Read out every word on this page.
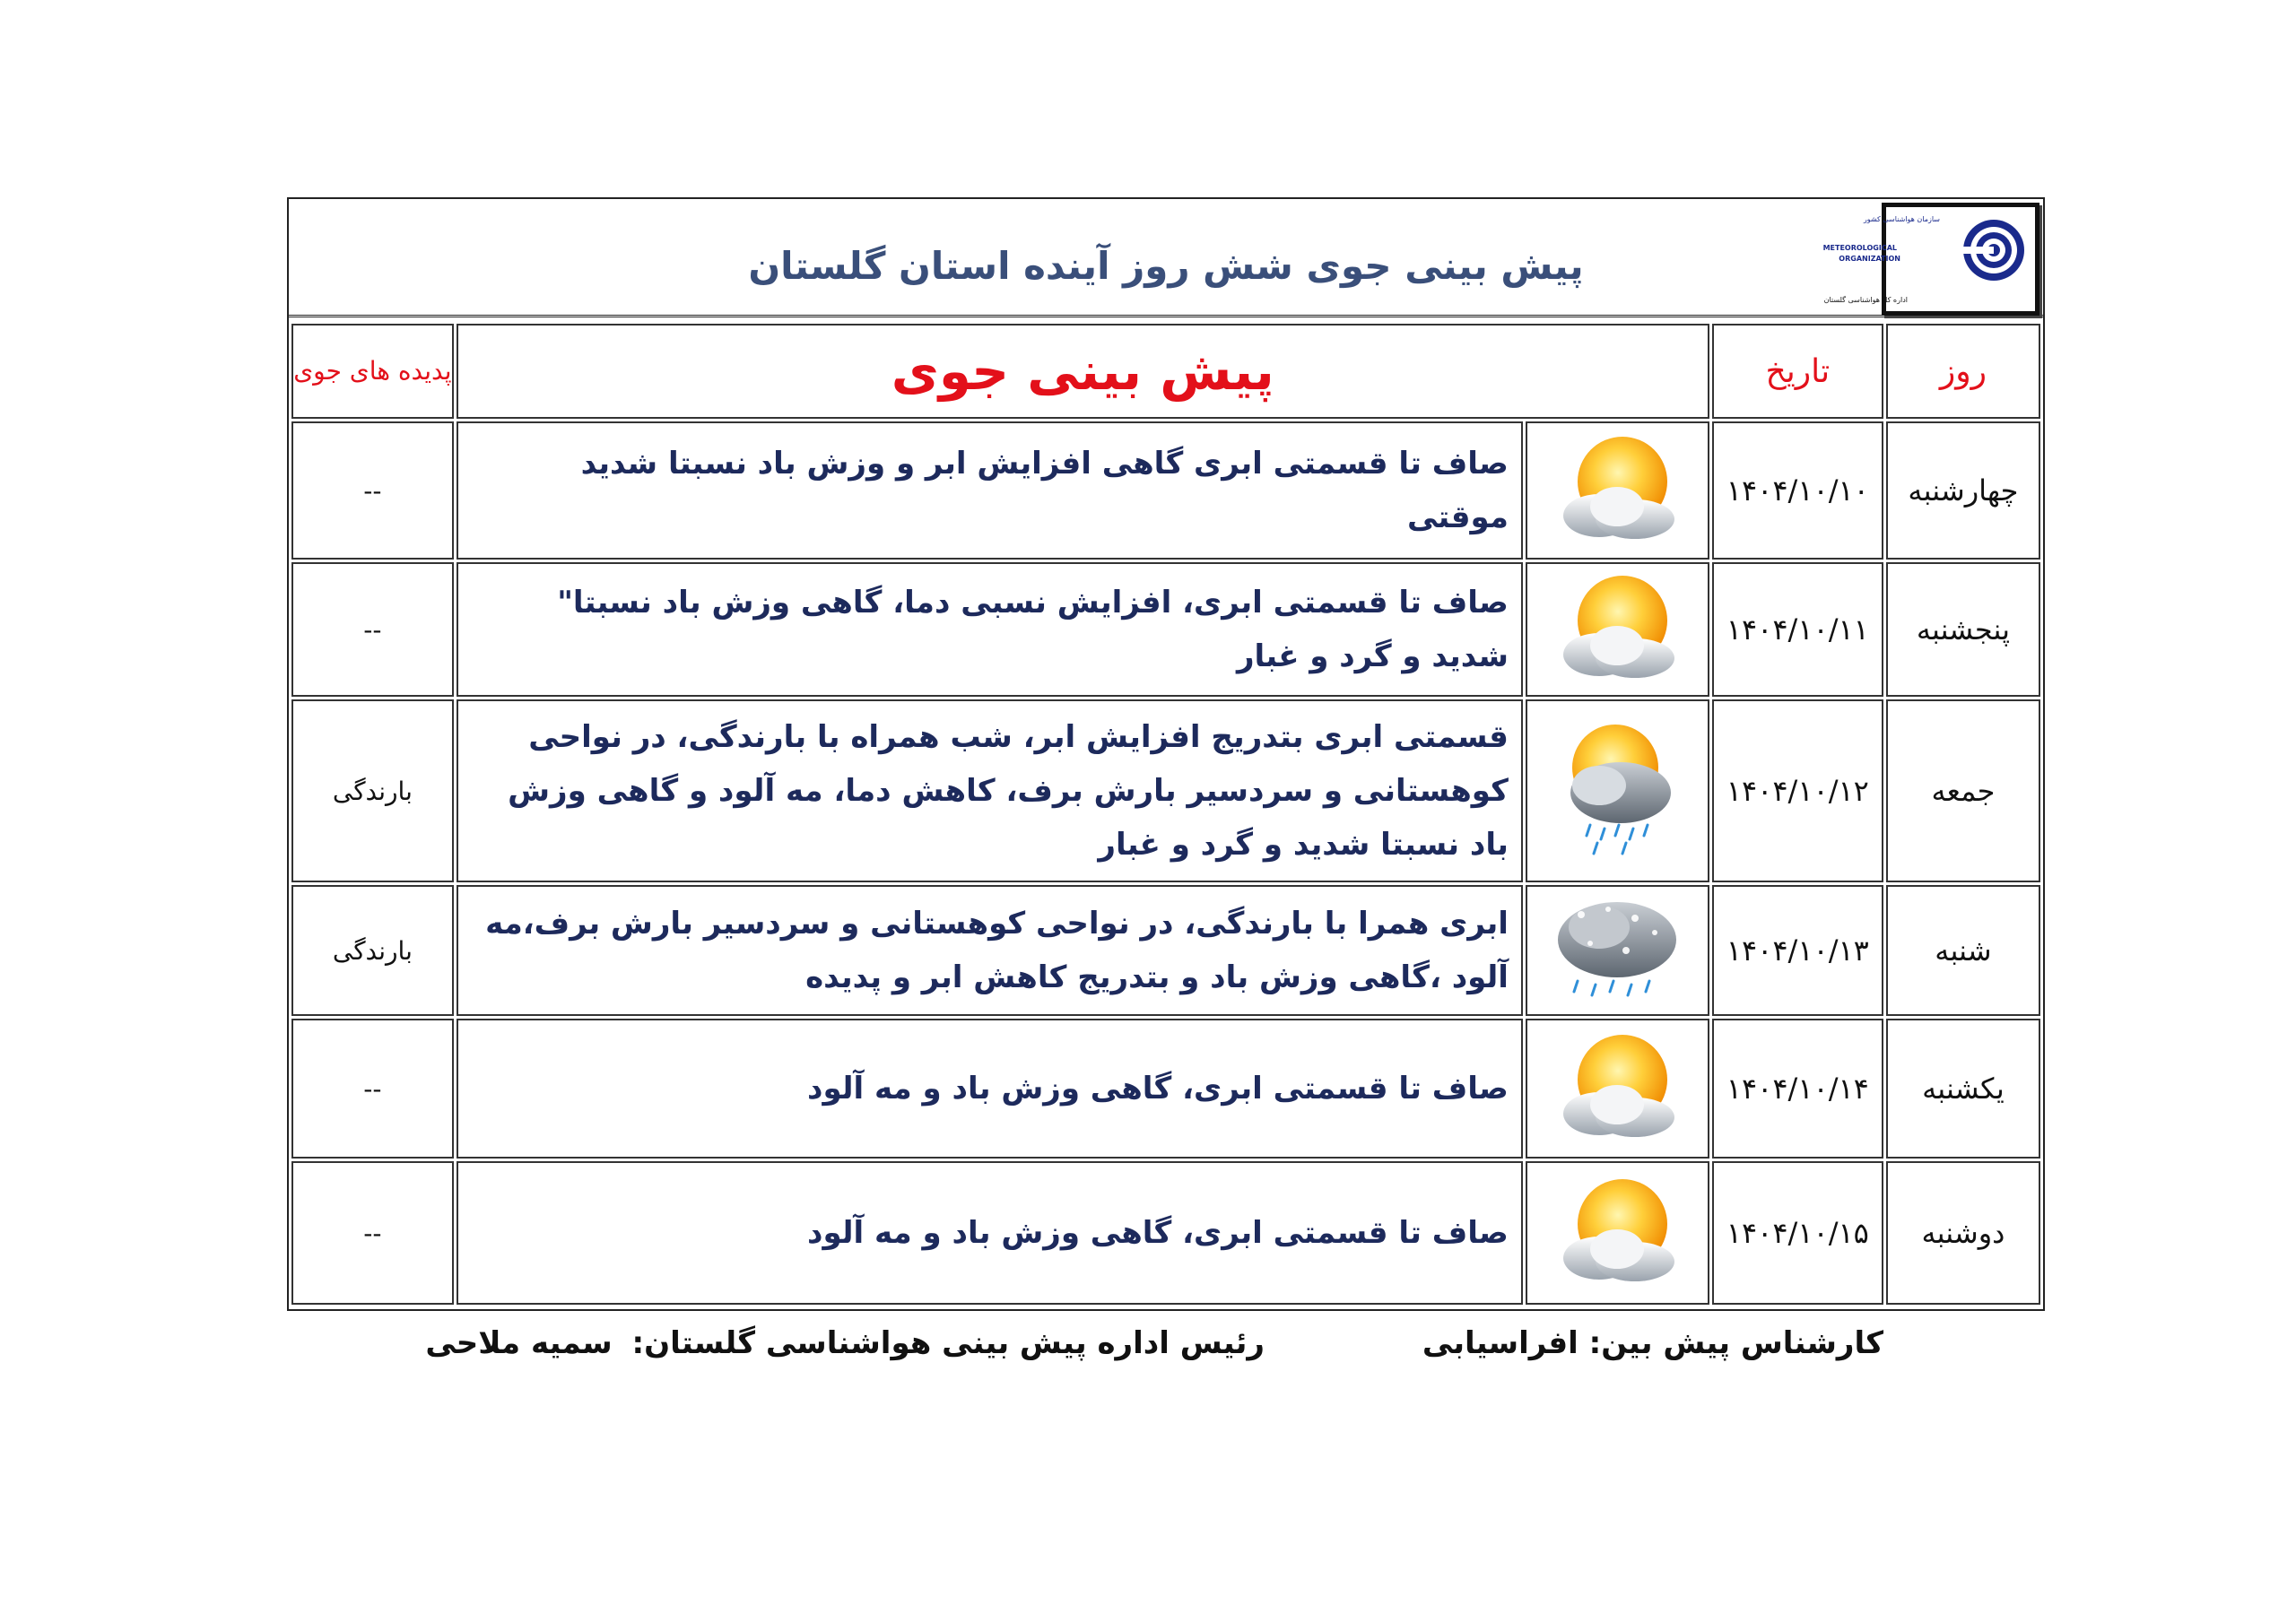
پیش بینی جوی شش روز آینده استان گلستان
سازمان هواشناسی کشور
METEOROLOGICAL
ORGANIZATION
اداره کل هواشناسی گلستان
روز	تاریخ	پیش بینی جوی		پدیده های جوی
چهارشنبه	۱۴۰۴/۱۰/۱۰		صاف تا قسمتی ابری گاهی افزایش ابر و وزش باد نسبتا شدید موقتی	--
پنجشنبه	۱۴۰۴/۱۰/۱۱		صاف تا قسمتی ابری، افزایش نسبی دما، گاهی وزش باد نسبتا" شدید و گرد و غبار	--
جمعه	۱۴۰۴/۱۰/۱۲		قسمتی ابری بتدریج افزایش ابر، شب همراه با بارندگی، در نواحی کوهستانی و سردسیر بارش برف، کاهش دما، مه آلود و گاهی وزش باد نسبتا شدید و گرد و غبار	بارندگی
شنبه	۱۴۰۴/۱۰/۱۳		ابری همرا با بارندگی، در نواحی کوهستانی و سردسیر بارش برف،مه آلود ،گاهی وزش باد و بتدریج کاهش ابر و پدیده	بارندگی
یکشنبه	۱۴۰۴/۱۰/۱۴		صاف تا قسمتی ابری، گاهی وزش باد و مه آلود	--
دوشنبه	۱۴۰۴/۱۰/۱۵		صاف تا قسمتی ابری، گاهی وزش باد و مه آلود	--
کارشناس پیش بین: افراسیابی
رئیس اداره پیش بینی هواشناسی گلستان: سمیه ملاحی
